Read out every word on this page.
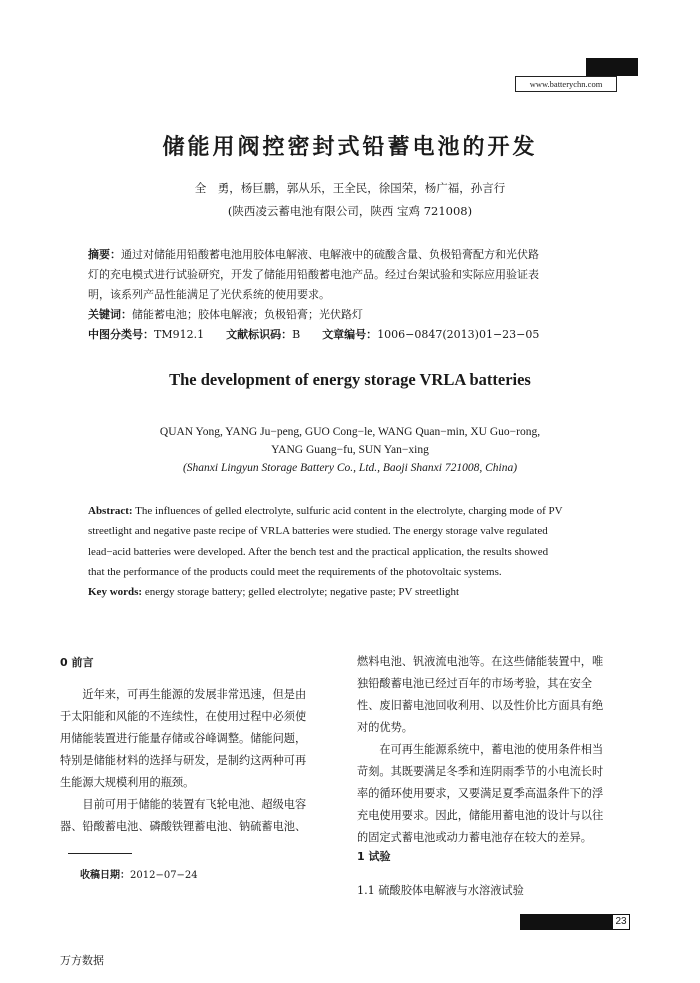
www.batterychn.com
储能用阀控密封式铅蓄电池的开发
全　勇，杨巨鹏，郭从乐，王全民，徐国荣，杨广福，孙言行
(陕西凌云蓄电池有限公司，陕西 宝鸡 721008)
摘要：通过对储能用铅酸蓄电池用胶体电解液、电解液中的硫酸含量、负极铅膏配方和光伏路
灯的充电模式进行试验研究，开发了储能用铅酸蓄电池产品。经过台架试验和实际应用验证表
明，该系列产品性能满足了光伏系统的使用要求。
关键词：储能蓄电池；胶体电解液；负极铅膏；光伏路灯
中图分类号：TM912.1　　 文献标识码：B　　 文章编号：1006−0847(2013)01−23−05
The development of energy storage VRLA batteries
QUAN Yong, YANG Ju−peng, GUO Cong−le, WANG Quan−min, XU Guo−rong,
YANG Guang−fu, SUN Yan−xing
(Shanxi Lingyun Storage Battery Co., Ltd., Baoji Shanxi 721008, China)
Abstract: The influences of gelled electrolyte, sulfuric acid content in the electrolyte, charging mode of PV
streetlight and negative paste recipe of VRLA batteries were studied. The energy storage valve regulated
lead−acid batteries were developed. After the bench test and the practical application, the results showed
that the performance of the products could meet the requirements of the photovoltaic systems.
Key words: energy storage battery; gelled electrolyte; negative paste; PV streetlight
0 前言
　　近年来，可再生能源的发展非常迅速，但是由
于太阳能和风能的不连续性，在使用过程中必须使
用储能装置进行能量存储或谷峰调整。储能问题，
特别是储能材料的选择与研发，是制约这两种可再
生能源大规模利用的瓶颈。
　　目前可用于储能的装置有飞轮电池、超级电容
器、铅酸蓄电池、磷酸铁锂蓄电池、钠硫蓄电池、
燃料电池、钒液流电池等。在这些储能装置中，唯
独铅酸蓄电池已经过百年的市场考验，其在安全
性、废旧蓄电池回收利用、以及性价比方面具有绝
对的优势。
　　在可再生能源系统中，蓄电池的使用条件相当
苛刻。其既要满足冬季和连阴雨季节的小电流长时
率的循环使用要求，又要满足夏季高温条件下的浮
充电使用要求。因此，储能用蓄电池的设计与以往
的固定式蓄电池或动力蓄电池存在较大的差异。
1 试验
1.1 硫酸胶体电解液与水溶液试验
收稿日期：2012−07−24
23
万方数据
